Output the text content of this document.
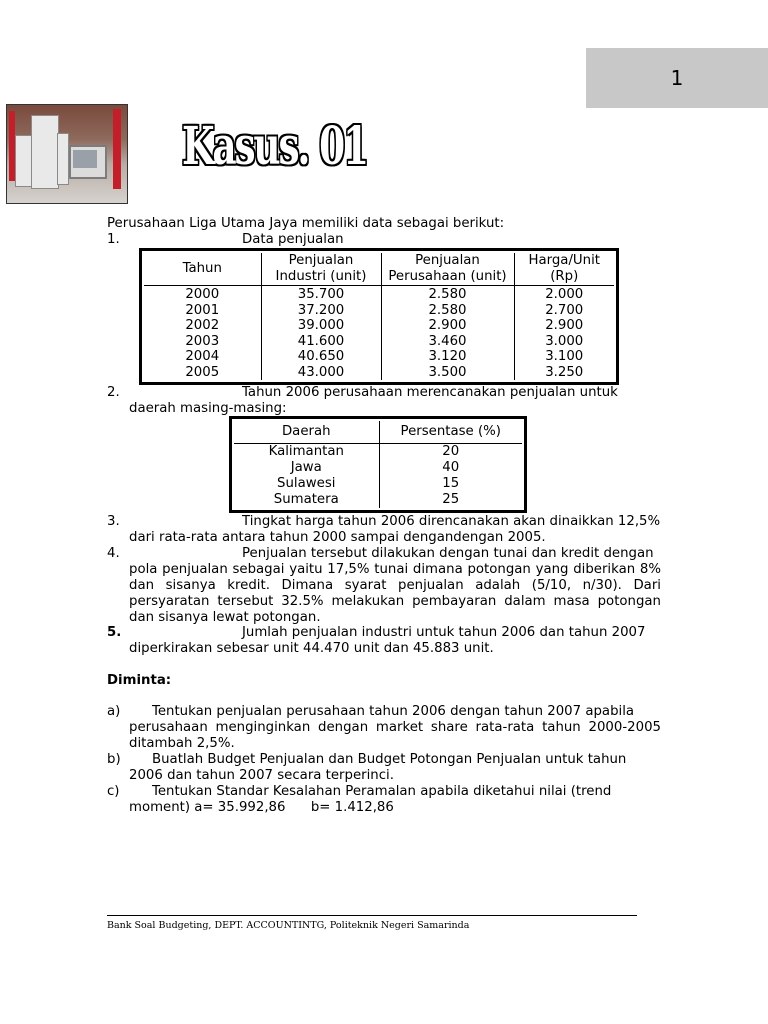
1
Kasus. 01
Perusahaan Liga Utama Jaya memiliki data sebagai berikut:
1.	Data penjualan
Tahun	Penjualan Industri (unit)	Penjualan Perusahaan (unit)	Harga/Unit (Rp)
2000	35.700	2.580	2.000
2001	37.200	2.580	2.700
2002	39.000	2.900	2.900
2003	41.600	3.460	3.000
2004	40.650	3.120	3.100
2005	43.000	3.500	3.250
2.	Tahun 2006 perusahaan merencanakan penjualan untuk
daerah masing-masing:
Daerah	Persentase (%)
Kalimantan	20
Jawa	40
Sulawesi	15
Sumatera	25
3.	Tingkat harga tahun 2006 direncanakan akan dinaikkan 12,5%
dari rata-rata antara tahun 2000 sampai dengandengan 2005.
4.	Penjualan tersebut dilakukan dengan tunai dan kredit dengan
pola penjualan sebagai yaitu 17,5% tunai dimana potongan yang diberikan 8% dan sisanya kredit. Dimana syarat penjualan adalah (5/10, n/30). Dari persyaratan tersebut 32.5% melakukan pembayaran dalam masa potongan dan sisanya lewat potongan.
5.	Jumlah penjualan industri untuk tahun 2006 dan tahun 2007
diperkirakan sebesar unit 44.470 unit dan 45.883 unit.
Diminta:
a)	Tentukan penjualan perusahaan tahun 2006 dengan tahun 2007 apabila
perusahaan menginginkan dengan market share rata-rata tahun 2000-2005 ditambah 2,5%.
b)	Buatlah Budget Penjualan dan Budget Potongan Penjualan untuk tahun
2006 dan tahun 2007 secara terperinci.
c)	Tentukan Standar Kesalahan Peramalan apabila diketahui nilai (trend
moment) a= 35.992,86      b= 1.412,86
Bank Soal Budgeting, DEPT. ACCOUNTINTG, Politeknik Negeri Samarinda
